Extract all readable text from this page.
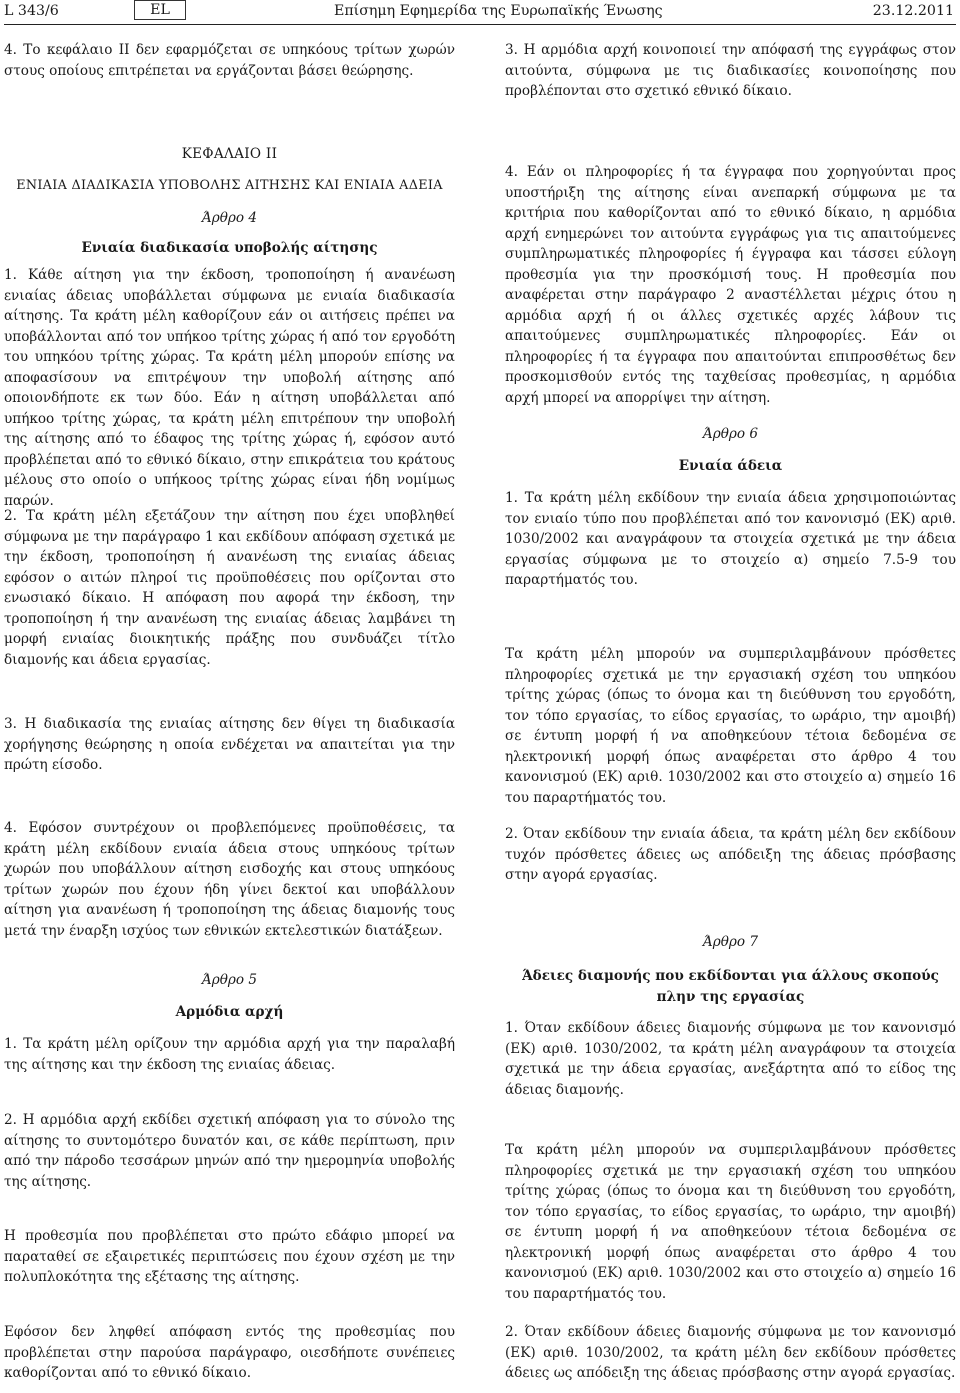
L 343/6	EL	Επίσημη Εφημερίδα της Ευρωπαϊκής Ένωσης	23.12.2011

4. Το κεφάλαιο II δεν εφαρμόζεται σε υπηκόους τρίτων χωρών στους οποίους επιτρέπεται να εργάζονται βάσει θεώρησης.

ΚΕΦΑΛΑΙΟ II

ΕΝΙΑΙΑ ΔΙΑΔΙΚΑΣΙΑ ΥΠΟΒΟΛΗΣ ΑΙΤΗΣΗΣ ΚΑΙ ΕΝΙΑΙΑ ΑΔΕΙΑ

Άρθρο 4

Ενιαία διαδικασία υποβολής αίτησης

1. Κάθε αίτηση για την έκδοση, τροποποίηση ή ανανέωση ενιαίας άδειας υποβάλλεται σύμφωνα με ενιαία διαδικασία αίτησης. Τα κράτη μέλη καθορίζουν εάν οι αιτήσεις πρέπει να υποβάλλονται από τον υπήκοο τρίτης χώρας ή από τον εργοδότη του υπηκόου τρίτης χώρας. Τα κράτη μέλη μπορούν επίσης να αποφασίσουν να επιτρέψουν την υποβολή αίτησης από οποιονδήποτε εκ των δύο. Εάν η αίτηση υποβάλλεται από υπήκοο τρίτης χώρας, τα κράτη μέλη επιτρέπουν την υποβολή της αίτησης από το έδαφος της τρίτης χώρας ή, εφόσον αυτό προβλέπεται από το εθνικό δίκαιο, στην επικράτεια του κράτους μέλους στο οποίο ο υπήκοος τρίτης χώρας είναι ήδη νομίμως παρών.

2. Τα κράτη μέλη εξετάζουν την αίτηση που έχει υποβληθεί σύμφωνα με την παράγραφο 1 και εκδίδουν απόφαση σχετικά με την έκδοση, τροποποίηση ή ανανέωση της ενιαίας άδειας εφόσον ο αιτών πληροί τις προϋποθέσεις που ορίζονται στο ενωσιακό δίκαιο. Η απόφαση που αφορά την έκδοση, την τροποποίηση ή την ανανέωση της ενιαίας άδειας λαμβάνει τη μορφή ενιαίας διοικητικής πράξης που συνδυάζει τίτλο διαμονής και άδεια εργασίας.

3. Η διαδικασία της ενιαίας αίτησης δεν θίγει τη διαδικασία χορήγησης θεώρησης η οποία ενδέχεται να απαιτείται για την πρώτη είσοδο.

4. Εφόσον συντρέχουν οι προβλεπόμενες προϋποθέσεις, τα κράτη μέλη εκδίδουν ενιαία άδεια στους υπηκόους τρίτων χωρών που υποβάλλουν αίτηση εισδοχής και στους υπηκόους τρίτων χωρών που έχουν ήδη γίνει δεκτοί και υποβάλλουν αίτηση για ανανέωση ή τροποποίηση της άδειας διαμονής τους μετά την έναρξη ισχύος των εθνικών εκτελεστικών διατάξεων.

Άρθρο 5

Αρμόδια αρχή

1. Τα κράτη μέλη ορίζουν την αρμόδια αρχή για την παραλαβή της αίτησης και την έκδοση της ενιαίας άδειας.

2. Η αρμόδια αρχή εκδίδει σχετική απόφαση για το σύνολο της αίτησης το συντομότερο δυνατόν και, σε κάθε περίπτωση, πριν από την πάροδο τεσσάρων μηνών από την ημερομηνία υποβολής της αίτησης.

Η προθεσμία που προβλέπεται στο πρώτο εδάφιο μπορεί να παραταθεί σε εξαιρετικές περιπτώσεις που έχουν σχέση με την πολυπλοκότητα της εξέτασης της αίτησης.

Εφόσον δεν ληφθεί απόφαση εντός της προθεσμίας που προβλέπεται στην παρούσα παράγραφο, οιεσδήποτε συνέπειες καθορίζονται από το εθνικό δίκαιο.

3. Η αρμόδια αρχή κοινοποιεί την απόφασή της εγγράφως στον αιτούντα, σύμφωνα με τις διαδικασίες κοινοποίησης που προβλέπονται στο σχετικό εθνικό δίκαιο.

4. Εάν οι πληροφορίες ή τα έγγραφα που χορηγούνται προς υποστήριξη της αίτησης είναι ανεπαρκή σύμφωνα με τα κριτήρια που καθορίζονται από το εθνικό δίκαιο, η αρμόδια αρχή ενημερώνει τον αιτούντα εγγράφως για τις απαιτούμενες συμπληρωματικές πληροφορίες ή έγγραφα και τάσσει εύλογη προθεσμία για την προσκόμισή τους. Η προθεσμία που αναφέρεται στην παράγραφο 2 αναστέλλεται μέχρις ότου η αρμόδια αρχή ή οι άλλες σχετικές αρχές λάβουν τις απαιτούμενες συμπληρωματικές πληροφορίες. Εάν οι πληροφορίες ή τα έγγραφα που απαιτούνται επιπροσθέτως δεν προσκομισθούν εντός της ταχθείσας προθεσμίας, η αρμόδια αρχή μπορεί να απορρίψει την αίτηση.

Άρθρο 6

Ενιαία άδεια

1. Τα κράτη μέλη εκδίδουν την ενιαία άδεια χρησιμοποιώντας τον ενιαίο τύπο που προβλέπεται από τον κανονισμό (ΕΚ) αριθ. 1030/2002 και αναγράφουν τα στοιχεία σχετικά με την άδεια εργασίας σύμφωνα με το στοιχείο α) σημείο 7.5-9 του παραρτήματός του.

Τα κράτη μέλη μπορούν να συμπεριλαμβάνουν πρόσθετες πληροφορίες σχετικά με την εργασιακή σχέση του υπηκόου τρίτης χώρας (όπως το όνομα και τη διεύθυνση του εργοδότη, τον τόπο εργασίας, το είδος εργασίας, το ωράριο, την αμοιβή) σε έντυπη μορφή ή να αποθηκεύουν τέτοια δεδομένα σε ηλεκτρονική μορφή όπως αναφέρεται στο άρθρο 4 του κανονισμού (ΕΚ) αριθ. 1030/2002 και στο στοιχείο α) σημείο 16 του παραρτήματός του.

2. Όταν εκδίδουν την ενιαία άδεια, τα κράτη μέλη δεν εκδίδουν τυχόν πρόσθετες άδειες ως απόδειξη της άδειας πρόσβασης στην αγορά εργασίας.

Άρθρο 7

Άδειες διαμονής που εκδίδονται για άλλους σκοπούς πλην της εργασίας

1. Όταν εκδίδουν άδειες διαμονής σύμφωνα με τον κανονισμό (ΕΚ) αριθ. 1030/2002, τα κράτη μέλη αναγράφουν τα στοιχεία σχετικά με την άδεια εργασίας, ανεξάρτητα από το είδος της άδειας διαμονής.

Τα κράτη μέλη μπορούν να συμπεριλαμβάνουν πρόσθετες πληροφορίες σχετικά με την εργασιακή σχέση του υπηκόου τρίτης χώρας (όπως το όνομα και τη διεύθυνση του εργοδότη, τον τόπο εργασίας, το είδος εργασίας, το ωράριο, την αμοιβή) σε έντυπη μορφή ή να αποθηκεύουν τέτοια δεδομένα σε ηλεκτρονική μορφή όπως αναφέρεται στο άρθρο 4 του κανονισμού (ΕΚ) αριθ. 1030/2002 και στο στοιχείο α) σημείο 16 του παραρτήματός του.

2. Όταν εκδίδουν άδειες διαμονής σύμφωνα με τον κανονισμό (ΕΚ) αριθ. 1030/2002, τα κράτη μέλη δεν εκδίδουν πρόσθετες άδειες ως απόδειξη της άδειας πρόσβασης στην αγορά εργασίας.
